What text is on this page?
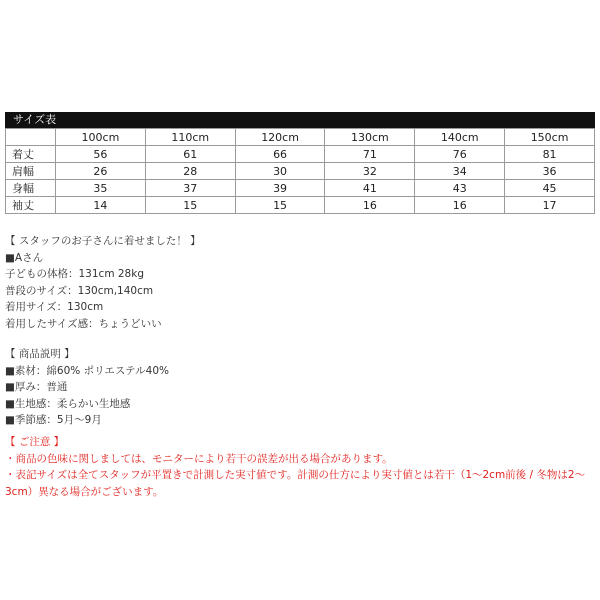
サイズ表
	100cm	110cm	120cm	130cm	140cm	150cm
着丈	56	61	66	71	76	81
肩幅	26	28	30	32	34	36
身幅	35	37	39	41	43	45
袖丈	14	15	15	16	16	17
【 スタッフのお子さんに着せました！ 】
■Aさん
子どもの体格：131cm 28kg
普段のサイズ：130cm,140cm
着用サイズ：130cm
着用したサイズ感：ちょうどいい
【 商品説明 】
■素材：綿60% ポリエステル40%
■厚み：普通
■生地感：柔らかい生地感
■季節感：5月～9月
【 ご注意 】
・商品の色味に関しましては、モニターにより若干の誤差が出る場合があります。
・表記サイズは全てスタッフが平置きで計測した実寸値です。計測の仕方により実寸値とは若干（1～2cm前後 / 冬物は2～3cm）異なる場合がございます。
